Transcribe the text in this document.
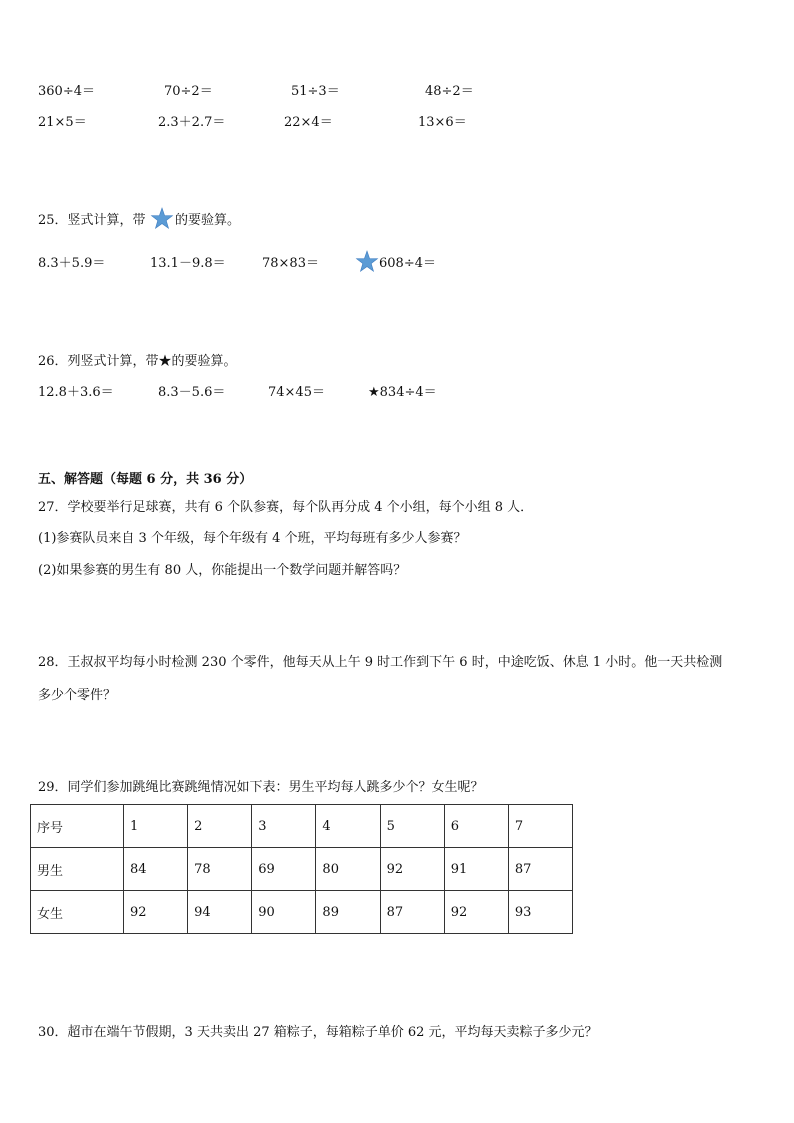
360÷4＝	70÷2＝	51÷3＝	48÷2＝
21×5＝	2.3＋2.7＝	22×4＝	13×6＝
25．竖式计算，带 的要验算。
8.3＋5.9＝	13.1－9.8＝	78×83＝	608÷4＝
26．列竖式计算，带★的要验算。
12.8＋3.6＝	8.3－5.6＝	74×45＝	★834÷4＝
五、解答题（每题 6 分，共 36 分）
27．学校要举行足球赛，共有 6 个队参赛，每个队再分成 4 个小组，每个小组 8 人．
(1)参赛队员来自 3 个年级，每个年级有 4 个班，平均每班有多少人参赛？
(2)如果参赛的男生有 80 人，你能提出一个数学问题并解答吗？
28．王叔叔平均每小时检测 230 个零件，他每天从上午 9 时工作到下午 6 时，中途吃饭、休息 1 小时。他一天共检测
多少个零件？
29．同学们参加跳绳比赛跳绳情况如下表：男生平均每人跳多少个？女生呢？
序号	1	2	3	4	5	6	7
男生	84	78	69	80	92	91	87
女生	92	94	90	89	87	92	93
30．超市在端午节假期，3 天共卖出 27 箱粽子，每箱粽子单价 62 元，平均每天卖粽子多少元？
